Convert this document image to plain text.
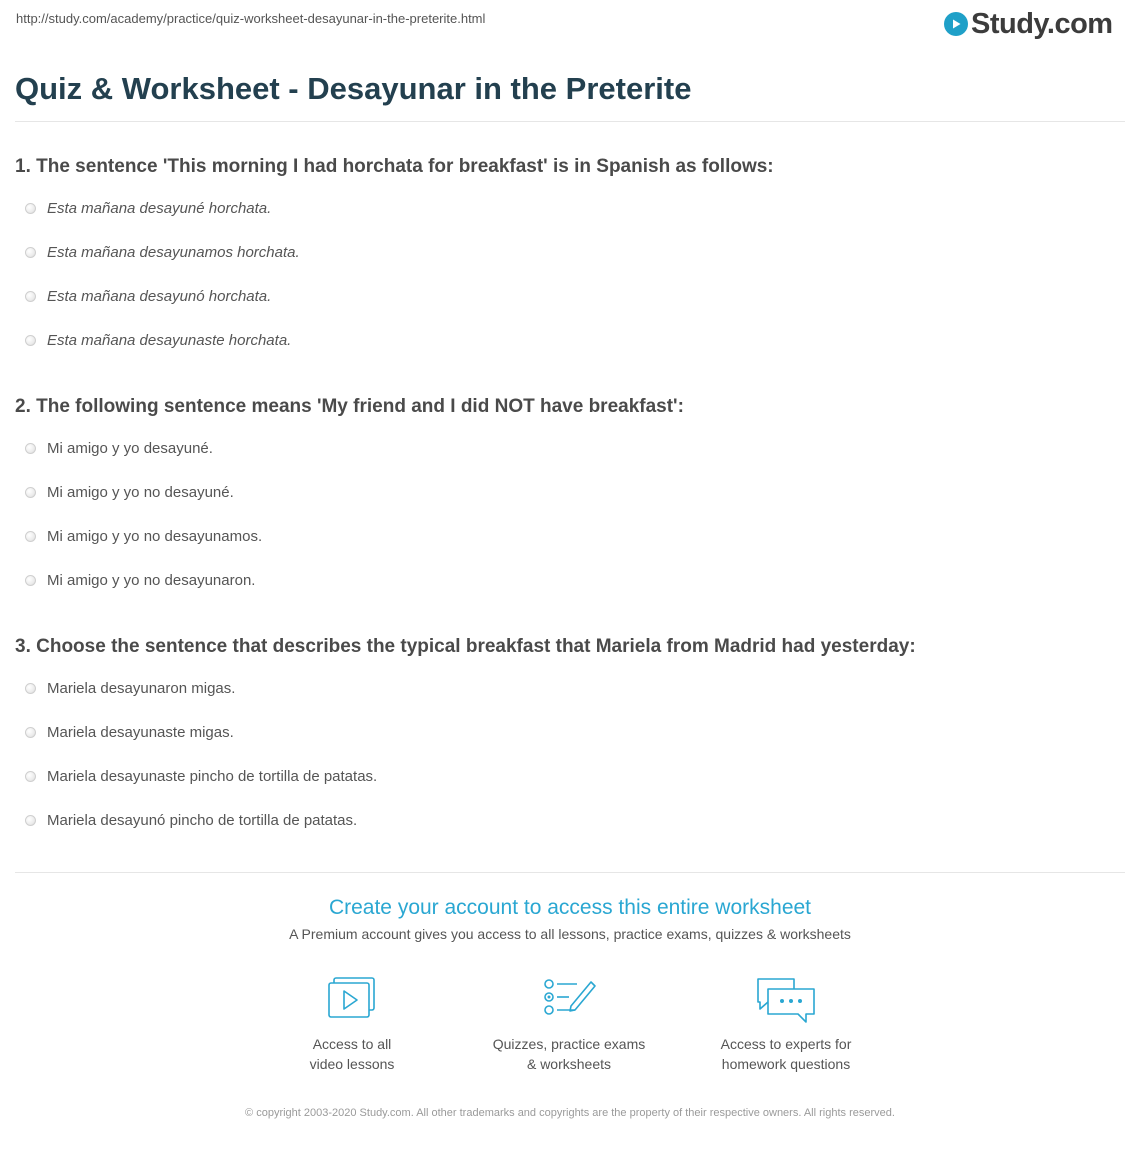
http://study.com/academy/practice/quiz-worksheet-desayunar-in-the-preterite.html	Study.com
Quiz & Worksheet - Desayunar in the Preterite
1. The sentence 'This morning I had horchata for breakfast' is in Spanish as follows:
Esta mañana desayuné horchata.
Esta mañana desayunamos horchata.
Esta mañana desayunó horchata.
Esta mañana desayunaste horchata.
2. The following sentence means 'My friend and I did NOT have breakfast':
Mi amigo y yo desayuné.
Mi amigo y yo no desayuné.
Mi amigo y yo no desayunamos.
Mi amigo y yo no desayunaron.
3. Choose the sentence that describes the typical breakfast that Mariela from Madrid had yesterday:
Mariela desayunaron migas.
Mariela desayunaste migas.
Mariela desayunaste pincho de tortilla de patatas.
Mariela desayunó pincho de tortilla de patatas.
Create your account to access this entire worksheet
A Premium account gives you access to all lessons, practice exams, quizzes & worksheets
Access to all
video lessons
Quizzes, practice exams
& worksheets
Access to experts for
homework questions
© copyright 2003-2020 Study.com. All other trademarks and copyrights are the property of their respective owners. All rights reserved.
